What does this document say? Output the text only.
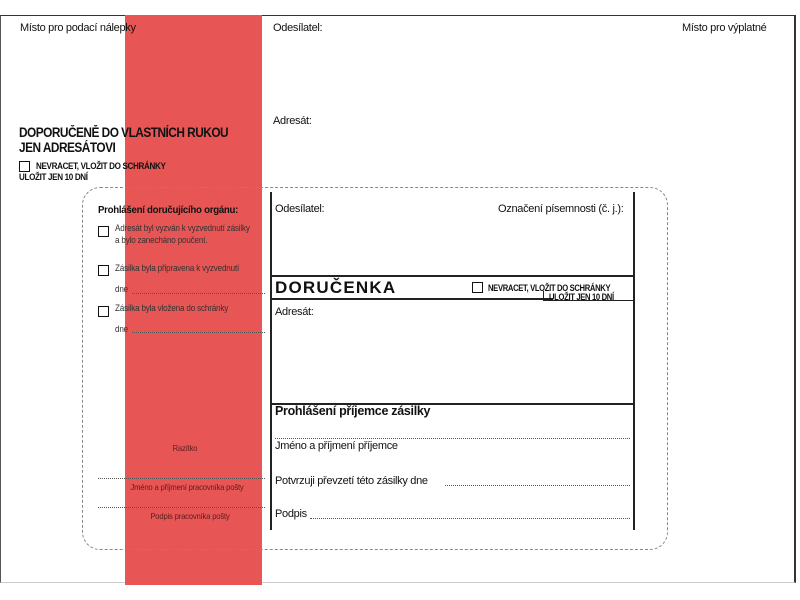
Místo pro podací nálepky	Místo pro výplatné
Odesílatel:
Adresát:
DOPORUČENĚ DO VLASTNÍCH RUKOU
JEN ADRESÁTOVI
NEVRACET, VLOŽIT DO SCHRÁNKY
ULOŽIT JEN 10 DNÍ
Prohlášení doručujícího orgánu:
Adresát byl vyzván k vyzvednutí zásilky
a bylo zanecháno poučení.
Zásilka byla připravena k vyzvednutí
dne
Zásilka byla vložena do schránky
dne
Razítko
Jméno a příjmení pracovníka pošty
Podpis pracovníka pošty
Odesílatel:	Označení písemnosti (č. j.):
DORUČENKA	NEVRACET, VLOŽIT DO SCHRÁNKY
ULOŽIT JEN 10 DNÍ
Adresát:
Prohlášení příjemce zásilky
Jméno a příjmení příjemce
Potvrzuji převzetí této zásilky dne
Podpis
